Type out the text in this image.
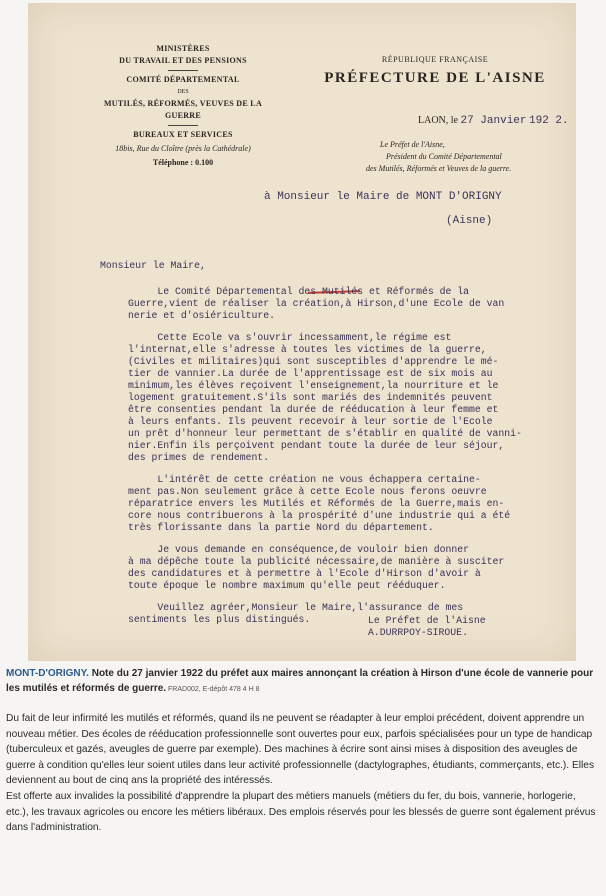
MINISTÈRES
DU TRAVAIL ET DES PENSIONS
COMITÉ DÉPARTEMENTAL
DES
MUTILÉS, RÉFORMÉS, VEUVES DE LA GUERRE
BUREAUX ET SERVICES
18bis, Rue du Cloître (près la Cathédrale)
Téléphone : 0.100
RÉPUBLIQUE FRANÇAISE
PRÉFECTURE DE L'AISNE
LAON, le 27 Janvier 192 2.
Le Préfet de l'Aisne,
Président du Comité Départemental
des Mutilés, Réformés et Veuves de la guerre.
à Monsieur le Maire de MONT D'ORIGNY
(Aisne)

Monsieur le Maire,

Le Comité Départemental des Mutilés et Réformés de la
Guerre,vient de réaliser la création,à Hirson,d'une Ecole de van
nerie et d'osiériculture.

Cette Ecole va s'ouvrir incessamment,le régime est
l'internat,elle s'adresse à toutes les victimes de la guerre,
(Civiles et militaires)qui sont susceptibles d'apprendre le mé-
tier de vannier.La durée de l'apprentissage est de six mois au
minimum,les élèves reçoivent l'enseignement,la nourriture et le
logement gratuitement.S'ils sont mariés des indemnités peuvent
être consenties pendant la durée de rééducation à leur femme et
à leurs enfants. Ils peuvent recevoir à leur sortie de l'Ecole
un prêt d'honneur leur permettant de s'établir en qualité de vanni-
nier.Enfin ils perçoivent pendant toute la durée de leur séjour,
des primes de rendement.

L'intérêt de cette création ne vous échappera certaine-
ment pas.Non seulement grâce à cette Ecole nous ferons oeuvre
réparatrice envers les Mutilés et Réformés de la Guerre,mais en-
core nous contribuerons à la prospérité d'une industrie qui a été
très florissante dans la partie Nord du département.

Je vous demande en conséquence,de vouloir bien donner
à ma dépêche toute la publicité nécessaire,de manière à susciter
des candidatures et à permettre à l'Ecole d'Hirson d'avoir à
toute époque le nombre maximum qu'elle peut rééduquer.

Veuillez agréer,Monsieur le Maire,l'assurance de mes
sentiments les plus distingués.	Le Préfet de l'Aisne
A.DURRPOY-SIROUE.
MONT-D'ORIGNY. Note du 27 janvier 1922 du préfet aux maires annonçant la création à Hirson d'une école de vannerie pour les mutilés et réformés de guerre. FRAD002, E-dépôt 478 4 H 8

Du fait de leur infirmité les mutilés et réformés, quand ils ne peuvent se réadapter à leur emploi précédent, doivent apprendre un nouveau métier. Des écoles de rééducation professionnelle sont ouvertes pour eux, parfois spécialisées pour un type de handicap (tuberculeux et gazés, aveugles de guerre par exemple). Des machines à écrire sont ainsi mises à disposition des aveugles de guerre à condition qu'elles leur soient utiles dans leur activité professionnelle (dactylographes, étudiants, commerçants, etc.). Elles deviennent au bout de cinq ans la propriété des intéressés.

Est offerte aux invalides la possibilité d'apprendre la plupart des métiers manuels (métiers du fer, du bois, vannerie, horlogerie, etc.), les travaux agricoles ou encore les métiers libéraux. Des emplois réservés pour les blessés de guerre sont également prévus dans l'administration.
